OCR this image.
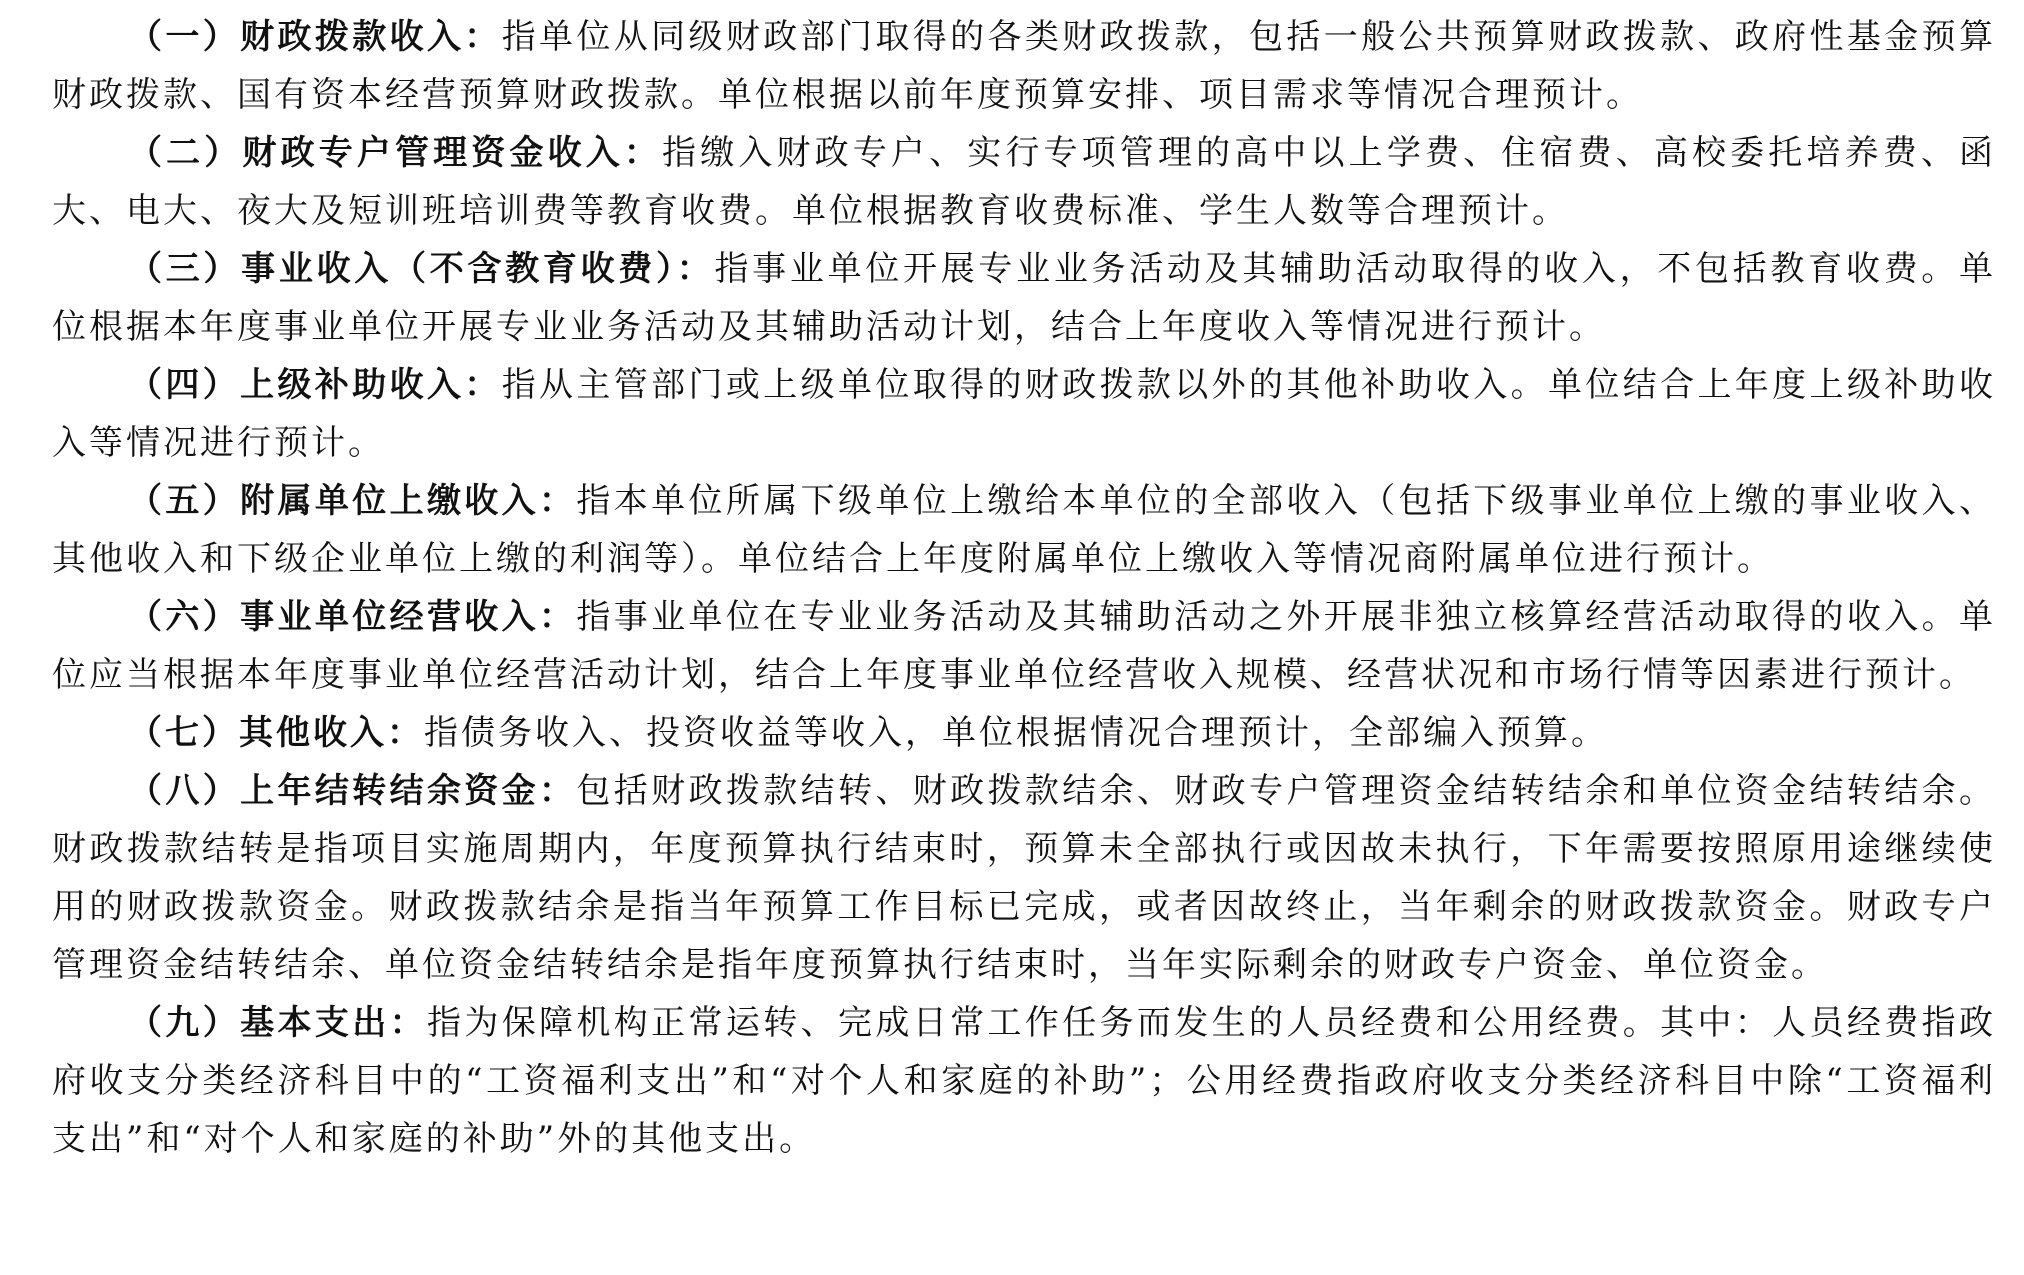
（一）财政拨款收入：指单位从同级财政部门取得的各类财政拨款，包括一般公共预算财政拨款、政府性基金预算财政拨款、国有资本经营预算财政拨款。单位根据以前年度预算安排、项目需求等情况合理预计。

（二）财政专户管理资金收入：指缴入财政专户、实行专项管理的高中以上学费、住宿费、高校委托培养费、函大、电大、夜大及短训班培训费等教育收费。单位根据教育收费标准、学生人数等合理预计。

（三）事业收入（不含教育收费）：指事业单位开展专业业务活动及其辅助活动取得的收入，不包括教育收费。单位根据本年度事业单位开展专业业务活动及其辅助活动计划，结合上年度收入等情况进行预计。

（四）上级补助收入：指从主管部门或上级单位取得的财政拨款以外的其他补助收入。单位结合上年度上级补助收入等情况进行预计。

（五）附属单位上缴收入：指本单位所属下级单位上缴给本单位的全部收入（包括下级事业单位上缴的事业收入、其他收入和下级企业单位上缴的利润等）。单位结合上年度附属单位上缴收入等情况商附属单位进行预计。

（六）事业单位经营收入：指事业单位在专业业务活动及其辅助活动之外开展非独立核算经营活动取得的收入。单位应当根据本年度事业单位经营活动计划，结合上年度事业单位经营收入规模、经营状况和市场行情等因素进行预计。

（七）其他收入：指债务收入、投资收益等收入，单位根据情况合理预计，全部编入预算。

（八）上年结转结余资金：包括财政拨款结转、财政拨款结余、财政专户管理资金结转结余和单位资金结转结余。财政拨款结转是指项目实施周期内，年度预算执行结束时，预算未全部执行或因故未执行，下年需要按照原用途继续使用的财政拨款资金。财政拨款结余是指当年预算工作目标已完成，或者因故终止，当年剩余的财政拨款资金。财政专户管理资金结转结余、单位资金结转结余是指年度预算执行结束时，当年实际剩余的财政专户资金、单位资金。

（九）基本支出：指为保障机构正常运转、完成日常工作任务而发生的人员经费和公用经费。其中：人员经费指政府收支分类经济科目中的“工资福利支出”和“对个人和家庭的补助”；公用经费指政府收支分类经济科目中除“工资福利支出”和“对个人和家庭的补助”外的其他支出。
